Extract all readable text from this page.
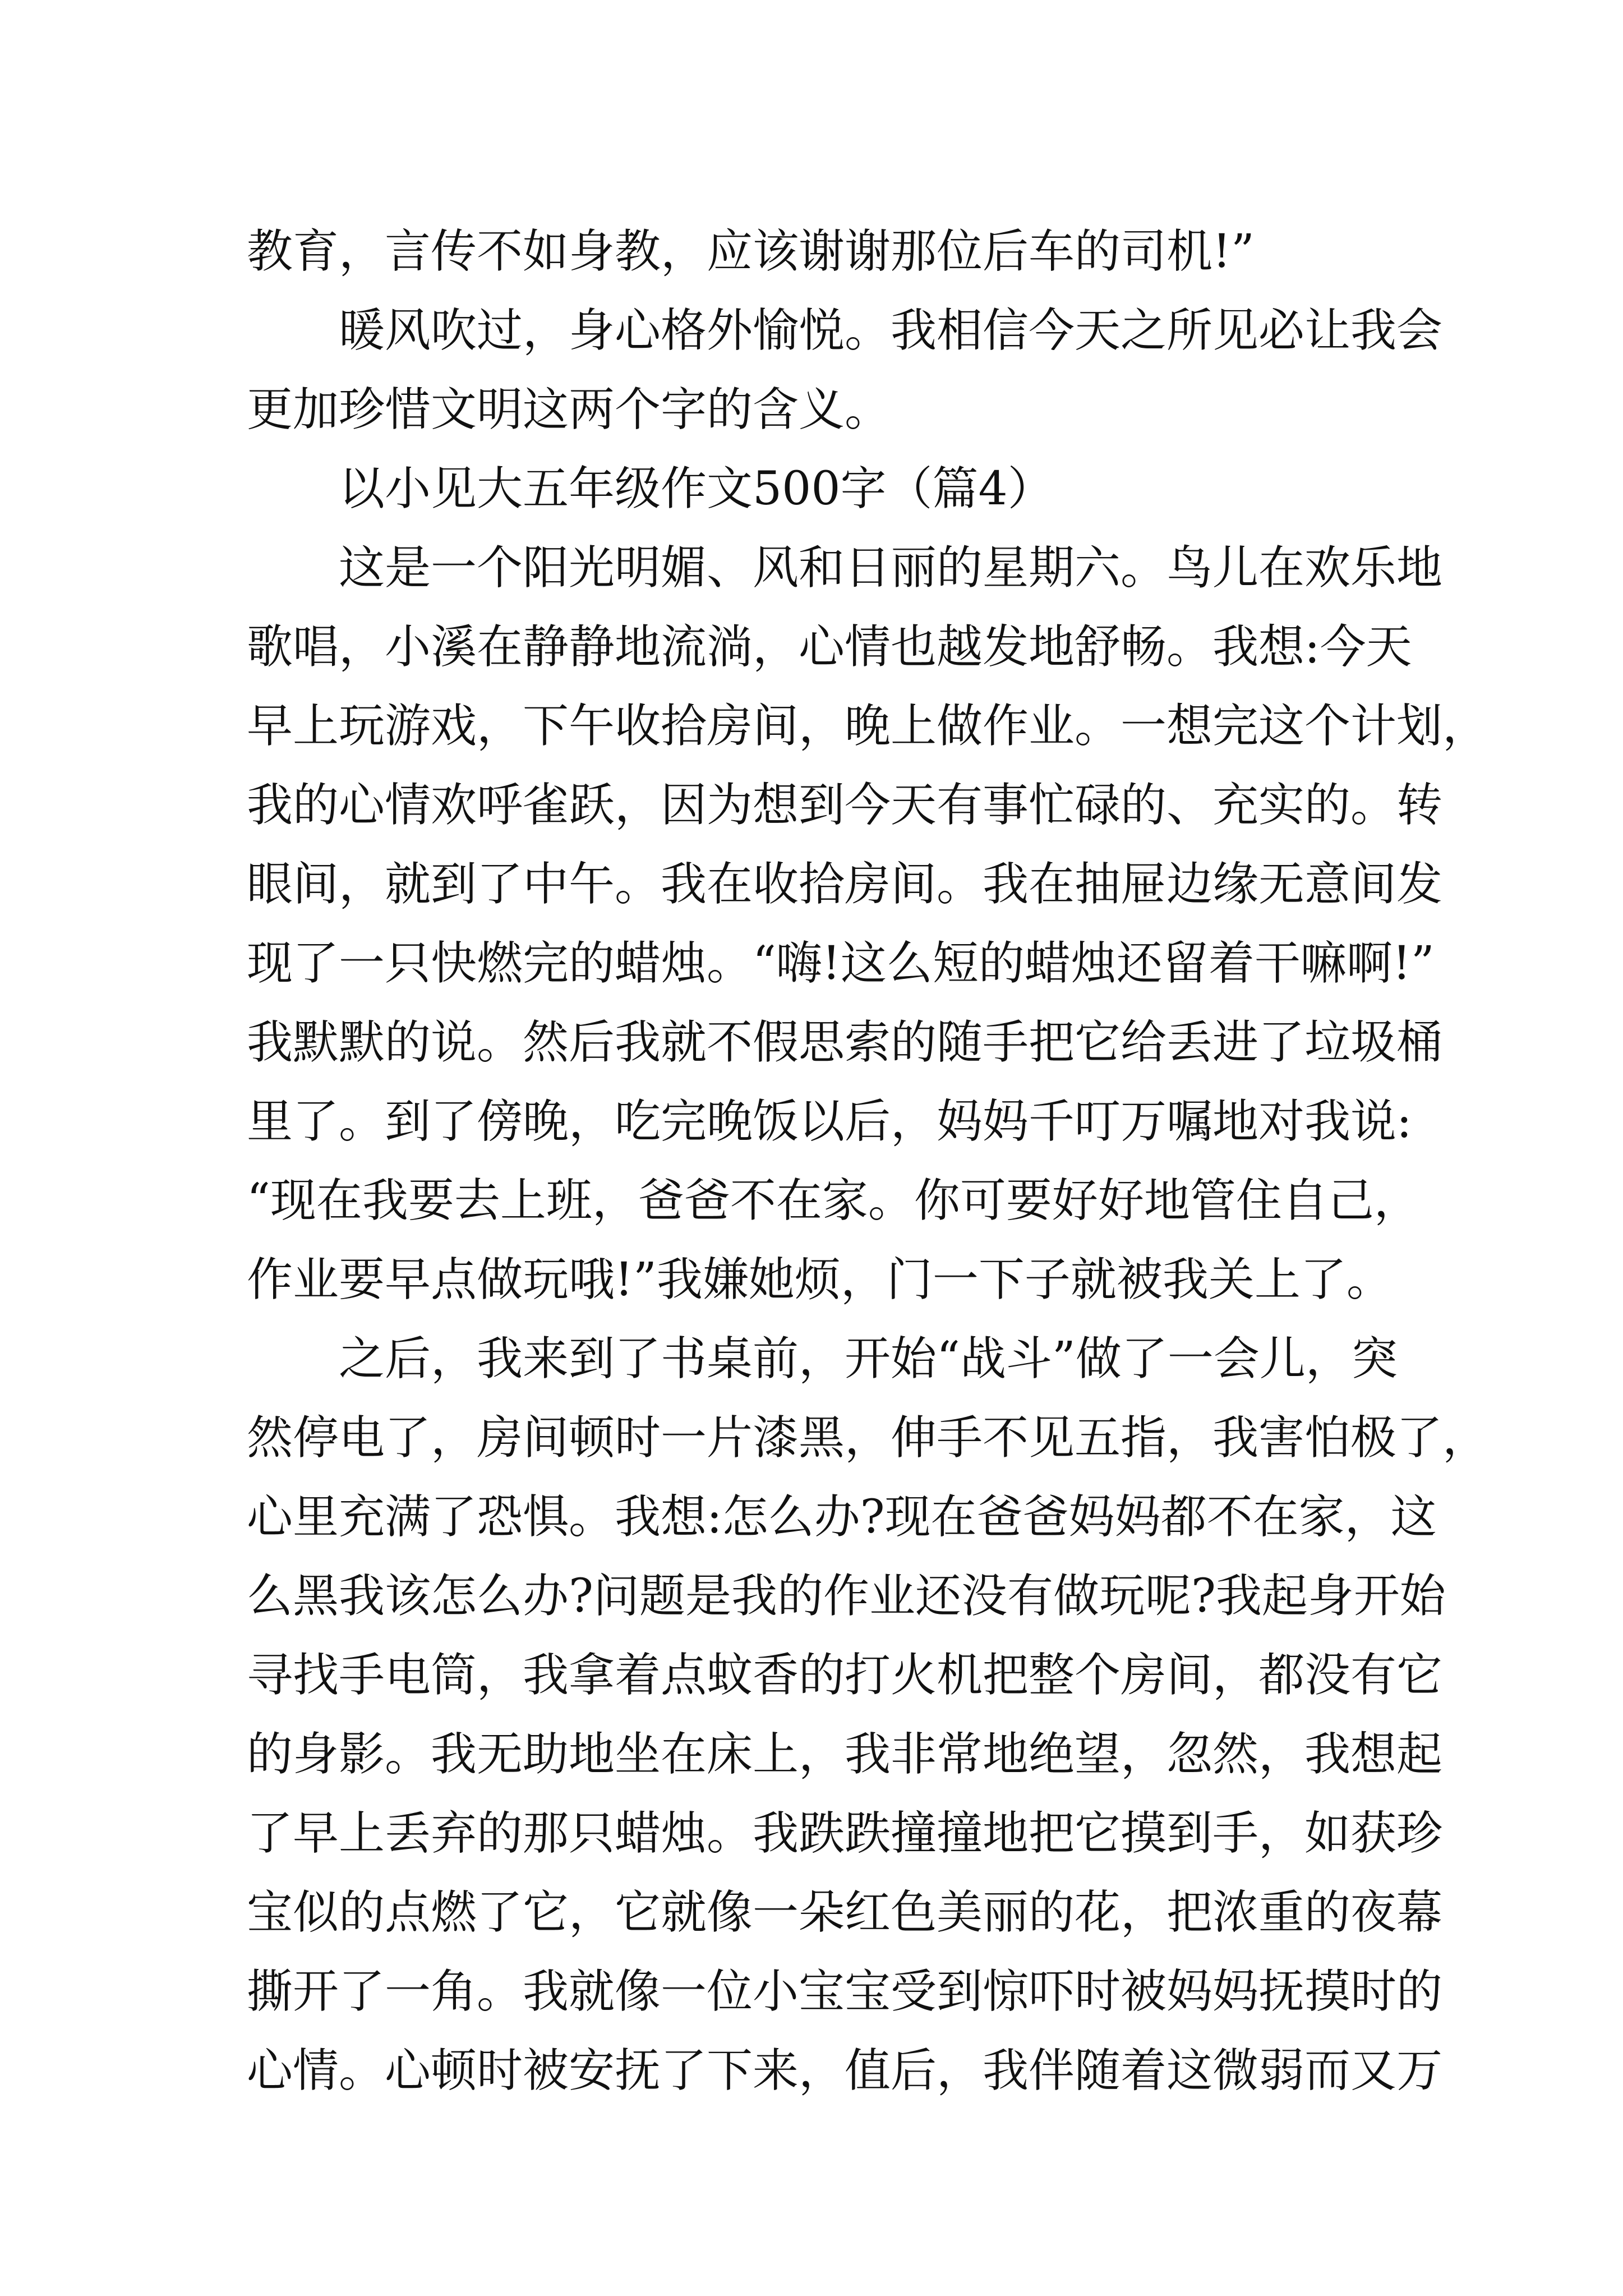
教育，言传不如身教，应该谢谢那位后车的司机!”
暖风吹过，身心格外愉悦。我相信今天之所见必让我会
更加珍惜文明这两个字的含义。
以小见大五年级作文500字（篇4）
这是一个阳光明媚、风和日丽的星期六。鸟儿在欢乐地
歌唱，小溪在静静地流淌，心情也越发地舒畅。我想:今天
早上玩游戏，下午收拾房间，晚上做作业。一想完这个计划，
我的心情欢呼雀跃，因为想到今天有事忙碌的、充实的。转
眼间，就到了中午。我在收拾房间。我在抽屉边缘无意间发
现了一只快燃完的蜡烛。“嗨!这么短的蜡烛还留着干嘛啊!”
我默默的说。然后我就不假思索的随手把它给丢进了垃圾桶
里了。到了傍晚，吃完晚饭以后，妈妈千叮万嘱地对我说:
“现在我要去上班，爸爸不在家。你可要好好地管住自己，
作业要早点做玩哦!”我嫌她烦，门一下子就被我关上了。
之后，我来到了书桌前，开始“战斗”做了一会儿，突
然停电了，房间顿时一片漆黑，伸手不见五指，我害怕极了，
心里充满了恐惧。我想:怎么办?现在爸爸妈妈都不在家，这
么黑我该怎么办?问题是我的作业还没有做玩呢?我起身开始
寻找手电筒，我拿着点蚊香的打火机把整个房间，都没有它
的身影。我无助地坐在床上，我非常地绝望，忽然，我想起
了早上丢弃的那只蜡烛。我跌跌撞撞地把它摸到手，如获珍
宝似的点燃了它，它就像一朵红色美丽的花，把浓重的夜幕
撕开了一角。我就像一位小宝宝受到惊吓时被妈妈抚摸时的
心情。心顿时被安抚了下来，值后，我伴随着这微弱而又万
